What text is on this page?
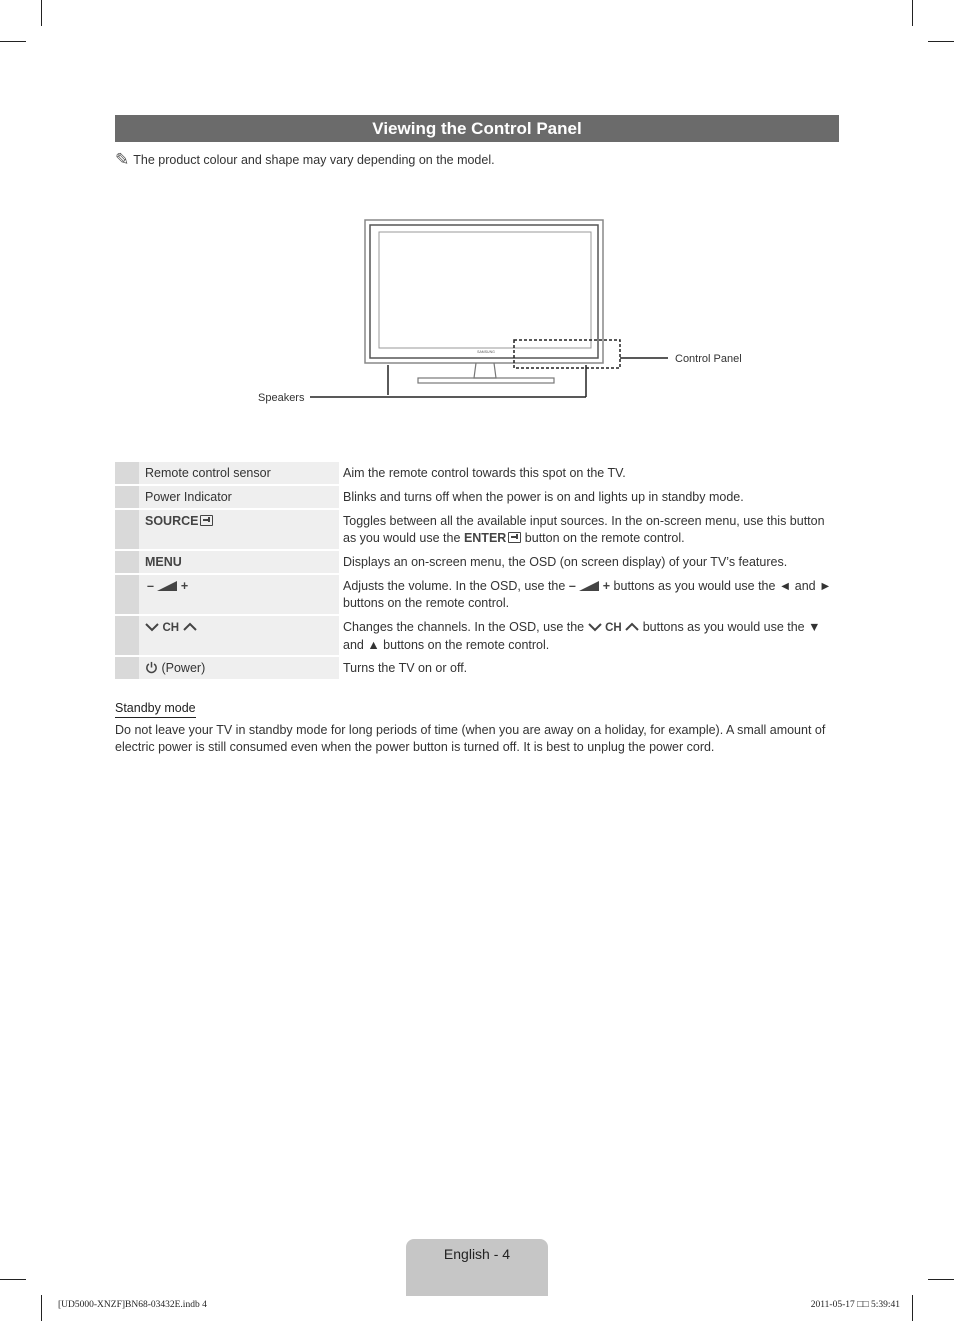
Viewing the Control Panel
✎ The product colour and shape may vary depending on the model.
SAMSUNG
Control Panel
Speakers
Remote control sensor	Aim the remote control towards this spot on the TV.
Power Indicator	Blinks and turns off when the power is on and lights up in standby mode.
SOURCE	Toggles between all the available input sources. In the on-screen menu, use this button as you would use the ENTER button on the remote control.
MENU	Displays an on-screen menu, the OSD (on screen display) of your TV’s features.
– +	Adjusts the volume. In the OSD, use the – + buttons as you would use the ◄ and ► buttons on the remote control.
CH	Changes the channels. In the OSD, use the CH buttons as you would use the ▼ and ▲ buttons on the remote control.
(Power)	Turns the TV on or off.
Standby mode
Do not leave your TV in standby mode for long periods of time (when you are away on a holiday, for example). A small amount of electric power is still consumed even when the power button is turned off. It is best to unplug the power cord.
English - 4
[UD5000-XNZF]BN68-03432E.indb 4	2011-05-17 □□ 5:39:41
